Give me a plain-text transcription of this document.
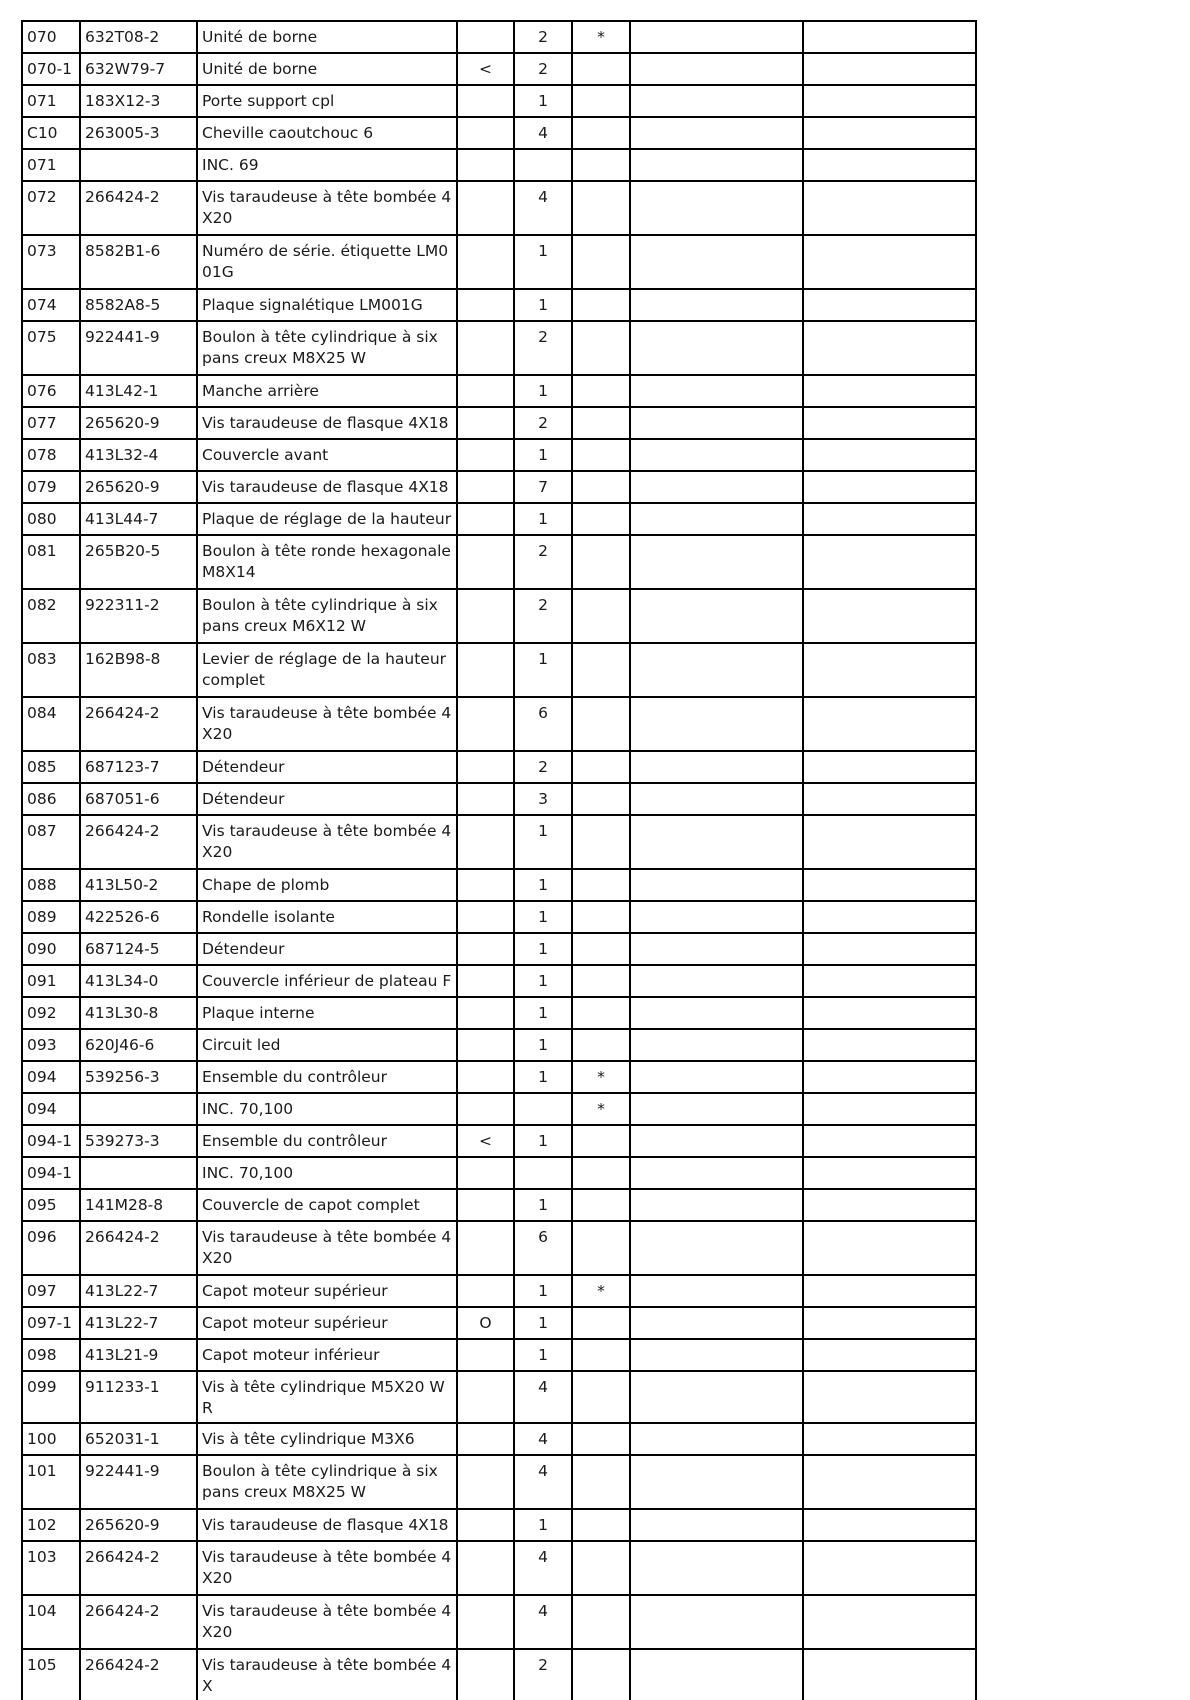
070	632T08-2	Unité de borne		2	*		
070-1	632W79-7	Unité de borne	<	2			
071	183X12-3	Porte support cpl		1			
C10	263005-3	Cheville caoutchouc 6		4			
071		INC. 69					
072	266424-2	Vis taraudeuse à tête bombée 4X20		4			
073	8582B1-6	Numéro de série. étiquette LM001G		1			
074	8582A8-5	Plaque signalétique LM001G		1			
075	922441-9	Boulon à tête cylindrique à six pans creux M8X25 W		2			
076	413L42-1	Manche arrière		1			
077	265620-9	Vis taraudeuse de flasque 4X18		2			
078	413L32-4	Couvercle avant		1			
079	265620-9	Vis taraudeuse de flasque 4X18		7			
080	413L44-7	Plaque de réglage de la hauteur		1			
081	265B20-5	Boulon à tête ronde hexagonale M8X14		2			
082	922311-2	Boulon à tête cylindrique à six pans creux M6X12 W		2			
083	162B98-8	Levier de réglage de la hauteur complet		1			
084	266424-2	Vis taraudeuse à tête bombée 4X20		6			
085	687123-7	Détendeur		2			
086	687051-6	Détendeur		3			
087	266424-2	Vis taraudeuse à tête bombée 4X20		1			
088	413L50-2	Chape de plomb		1			
089	422526-6	Rondelle isolante		1			
090	687124-5	Détendeur		1			
091	413L34-0	Couvercle inférieur de plateau F		1			
092	413L30-8	Plaque interne		1			
093	620J46-6	Circuit led		1			
094	539256-3	Ensemble du contrôleur		1	*		
094		INC. 70,100			*		
094-1	539273-3	Ensemble du contrôleur	<	1			
094-1		INC. 70,100					
095	141M28-8	Couvercle de capot complet		1			
096	266424-2	Vis taraudeuse à tête bombée 4X20		6			
097	413L22-7	Capot moteur supérieur		1	*		
097-1	413L22-7	Capot moteur supérieur	O	1			
098	413L21-9	Capot moteur inférieur		1			
099	911233-1	Vis à tête cylindrique M5X20 WR		4			
100	652031-1	Vis à tête cylindrique M3X6		4			
101	922441-9	Boulon à tête cylindrique à six pans creux M8X25 W		4			
102	265620-9	Vis taraudeuse de flasque 4X18		1			
103	266424-2	Vis taraudeuse à tête bombée 4X20		4			
104	266424-2	Vis taraudeuse à tête bombée 4X20		4			
105	266424-2	Vis taraudeuse à tête bombée 4X		2			
